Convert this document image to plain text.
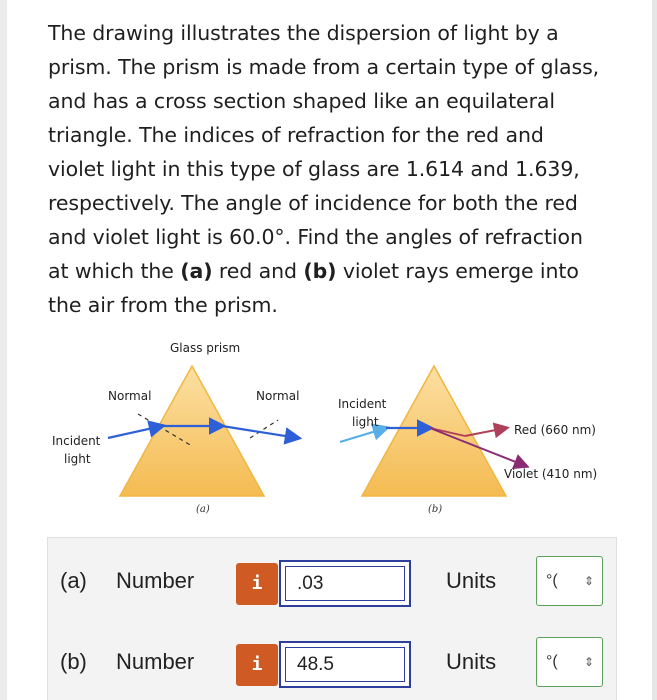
The drawing illustrates the dispersion of light by a
prism. The prism is made from a certain type of glass,
and has a cross section shaped like an equilateral
triangle. The indices of refraction for the red and
violet light in this type of glass are 1.614 and 1.639,
respectively. The angle of incidence for both the red
and violet light is 60.0°. Find the angles of refraction
at which the (a) red and (b) violet rays emerge into
the air from the prism.
Glass prism
Normal	Normal
Incident
light
(a)
Incident
light
Red (660 nm)
Violet (410 nm)
(b)
(a) Number	i	.03	Units	°( ⇕
(b) Number	i	48.5	Units	°( ⇕
